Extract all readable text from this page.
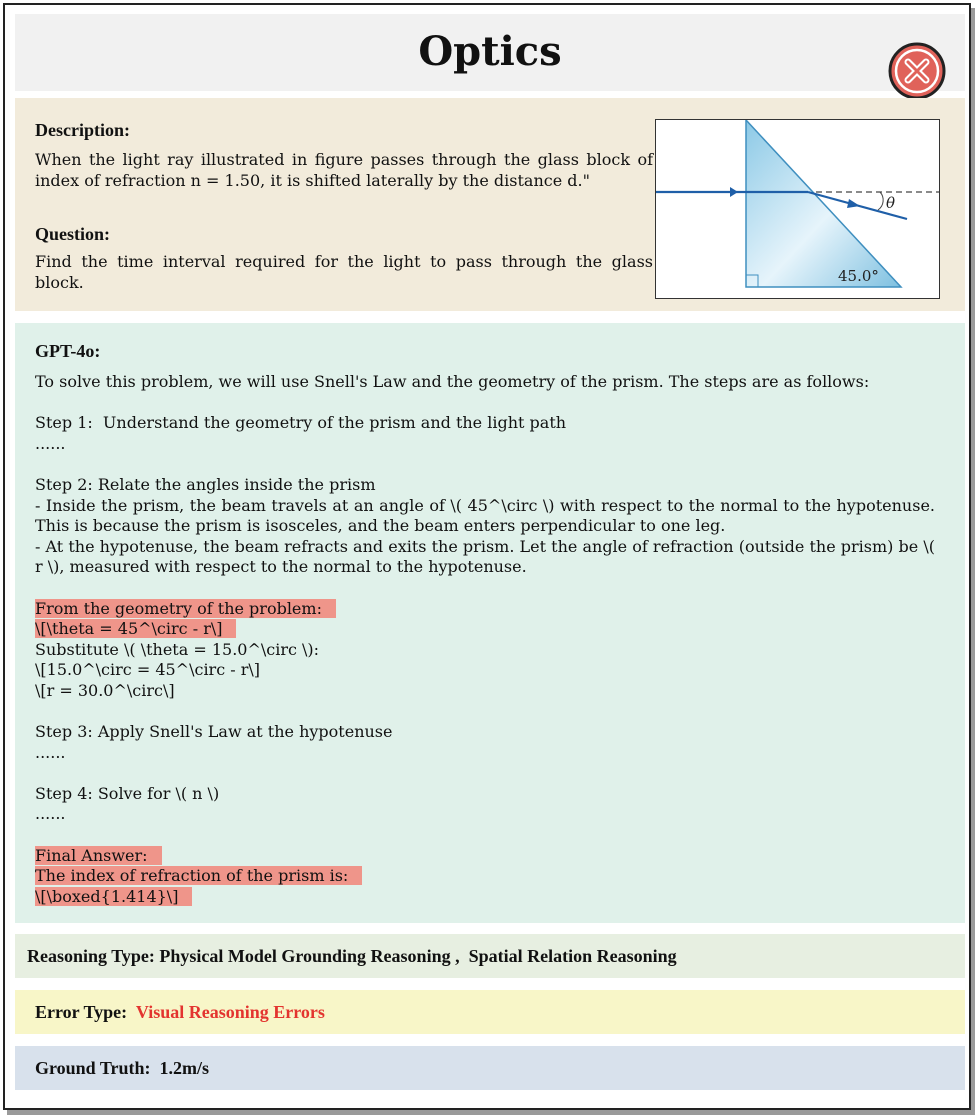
Optics
Description:
When the light ray illustrated in figure passes through the glass block of index of refraction n = 1.50, it is shifted laterally by the distance d."
Question:
Find the time interval required for the light to pass through the glass block.
θ
45.0°
GPT-4o:
To solve this problem, we will use Snell's Law and the geometry of the prism. The steps are as follows:
Step 1:  Understand the geometry of the prism and the light path
......
Step 2: Relate the angles inside the prism
- Inside the prism, the beam travels at an angle of \( 45^\circ \) with respect to the normal to the hypotenuse. This is because the prism is isosceles, and the beam enters perpendicular to one leg.
- At the hypotenuse, the beam refracts and exits the prism. Let the angle of refraction (outside the prism) be \( r \), measured with respect to the normal to the hypotenuse.
From the geometry of the problem:
\[\theta = 45^\circ - r\]
Substitute \( \theta = 15.0^\circ \):
\[15.0^\circ = 45^\circ - r\]
\[r = 30.0^\circ\]
Step 3: Apply Snell's Law at the hypotenuse
......
Step 4: Solve for \( n \)
......
Final Answer:
The index of refraction of the prism is:
\[\boxed{1.414}\]
Reasoning Type: Physical Model Grounding Reasoning ,  Spatial Relation Reasoning
Error Type: Visual Reasoning Errors
Ground Truth: 1.2m/s
